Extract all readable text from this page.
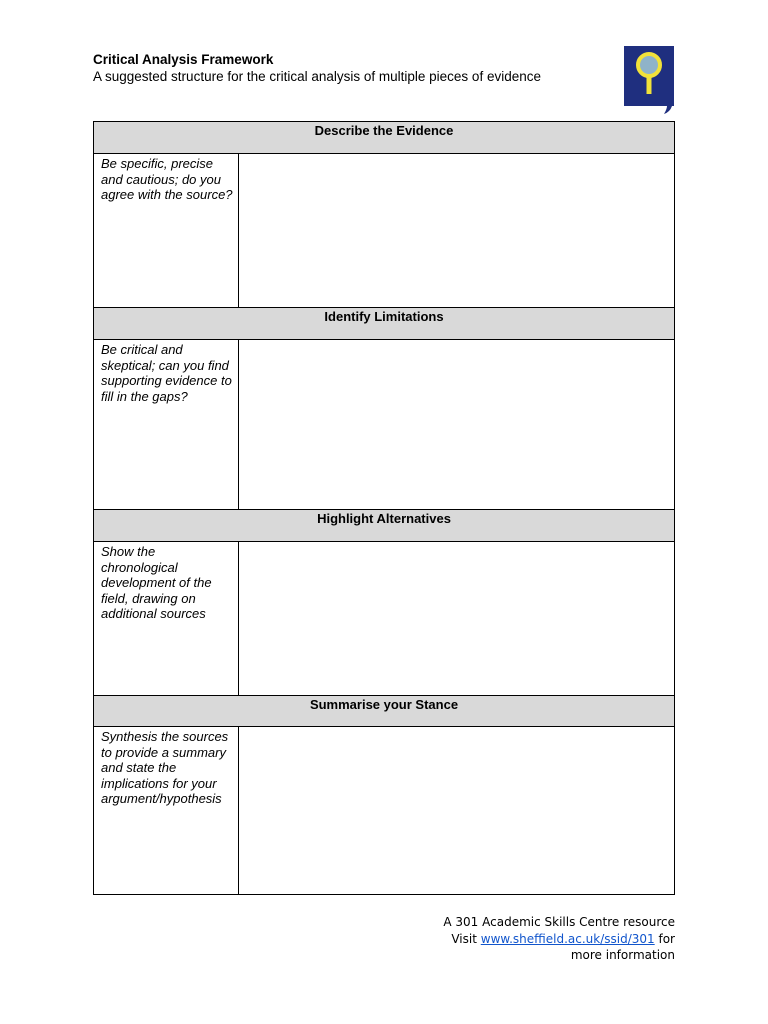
Critical Analysis Framework
A suggested structure for the critical analysis of multiple pieces of evidence
Describe the Evidence
Be specific, precise and cautious; do you agree with the source?
Identify Limitations
Be critical and skeptical; can you find supporting evidence to fill in the gaps?
Highlight Alternatives
Show the chronological development of the field, drawing on additional sources
Summarise your Stance
Synthesis the sources to provide a summary and state the implications for your argument/hypothesis
A 301 Academic Skills Centre resource
Visit www.sheffield.ac.uk/ssid/301 for
more information
